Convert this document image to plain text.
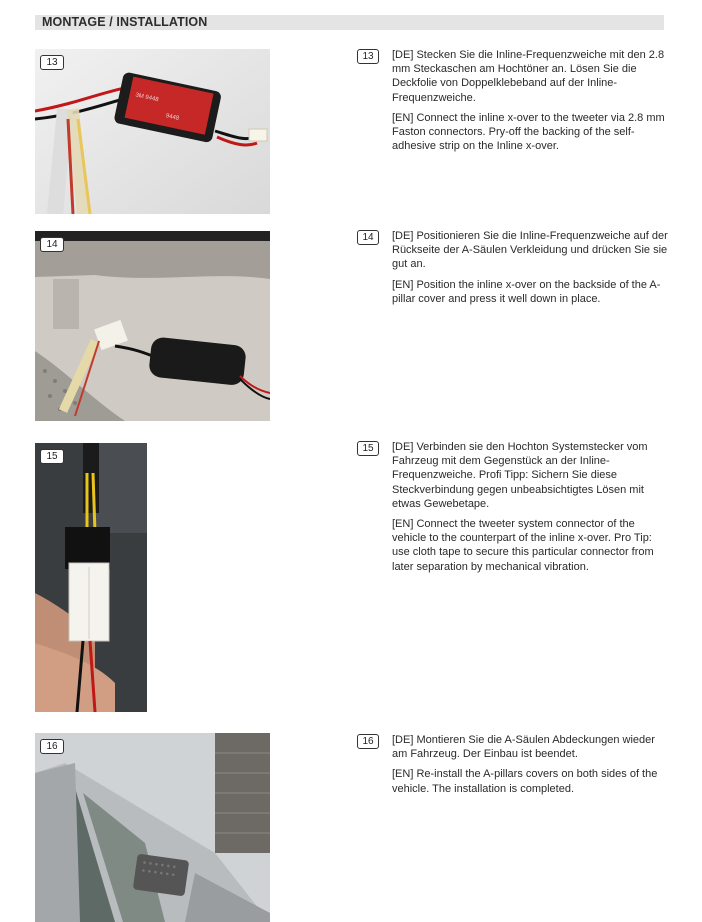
MONTAGE / INSTALLATION
3M 9448
9448
13
14
15
16
13	[DE] Stecken Sie die Inline-Frequenzweiche mit den 2.8 mm Steckaschen am Hochtöner an. Lösen Sie die Deckfolie von Doppelklebeband auf der Inline-Frequenzweiche.

[EN] Connect the inline x-over to the tweeter via 2.8 mm Faston connectors. Pry-off the backing of the self-adhesive strip on the Inline x-over.

14	[DE] Positionieren Sie die Inline-Frequenzweiche auf der Rückseite der A-Säulen Verkleidung und drücken Sie sie gut an.

[EN] Position the inline x-over on the backside of the A-pillar cover and press it well down in place.

15	[DE] Verbinden sie den Hochton Systemstecker vom Fahrzeug mit dem Gegenstück an der Inline-Frequenzweiche. Profi Tipp: Sichern Sie diese Steckverbindung gegen unbeabsichtigtes Lösen mit etwas Gewebetape.

[EN] Connect the tweeter system connector of the vehicle to the counterpart of the inline x-over. Pro Tip: use cloth tape to secure this particular connector from later separation by mechanical vibration.

16	[DE] Montieren Sie die A-Säulen Abdeckungen wieder am Fahrzeug. Der Einbau ist beendet.

[EN] Re-install the A-pillars covers on both sides of the vehicle. The installation is completed.
